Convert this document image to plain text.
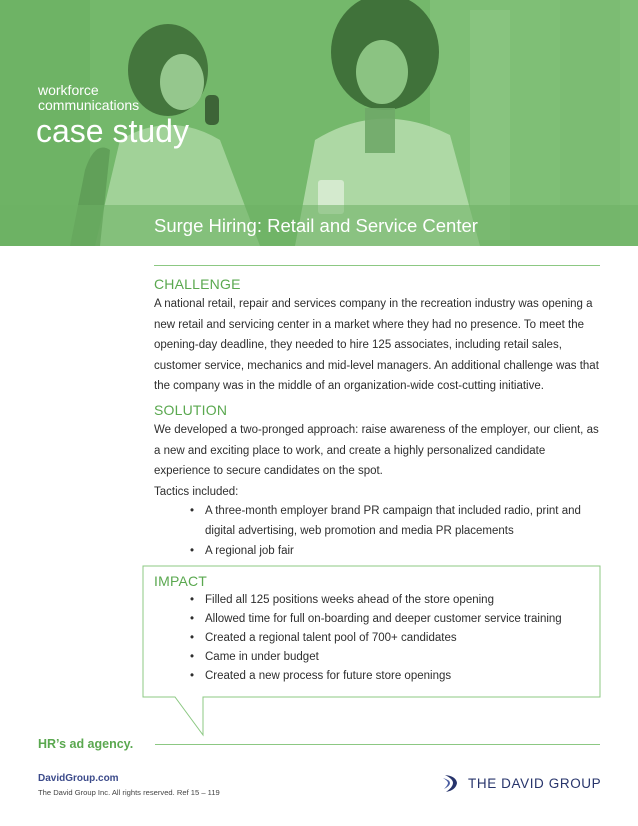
workforce
communications
case study
Surge Hiring: Retail and Service Center
CHALLENGE

A national retail, repair and services company in the recreation industry was opening a new retail and servicing center in a market where they had no presence. To meet the opening-day deadline, they needed to hire 125 associates, including retail sales, customer service, mechanics and mid-level managers. An additional challenge was that the company was in the middle of an organization-wide cost-cutting initiative.

SOLUTION

We developed a two-pronged approach: raise awareness of the employer, our client, as a new and exciting place to work, and create a highly personalized candidate experience to secure candidates on the spot.

Tactics included:

• A three-month employer brand PR campaign that included radio, print and digital advertising, web promotion and media PR placements
• A regional job fair
IMPACT
• Filled all 125 positions weeks ahead of the store opening
• Allowed time for full on-boarding and deeper customer service training
• Created a regional talent pool of 700+ candidates
• Came in under budget
• Created a new process for future store openings
HR’s ad agency.
DavidGroup.com
The David Group Inc. All rights reserved. Ref 15 – 119
THE DAVID GROUP
